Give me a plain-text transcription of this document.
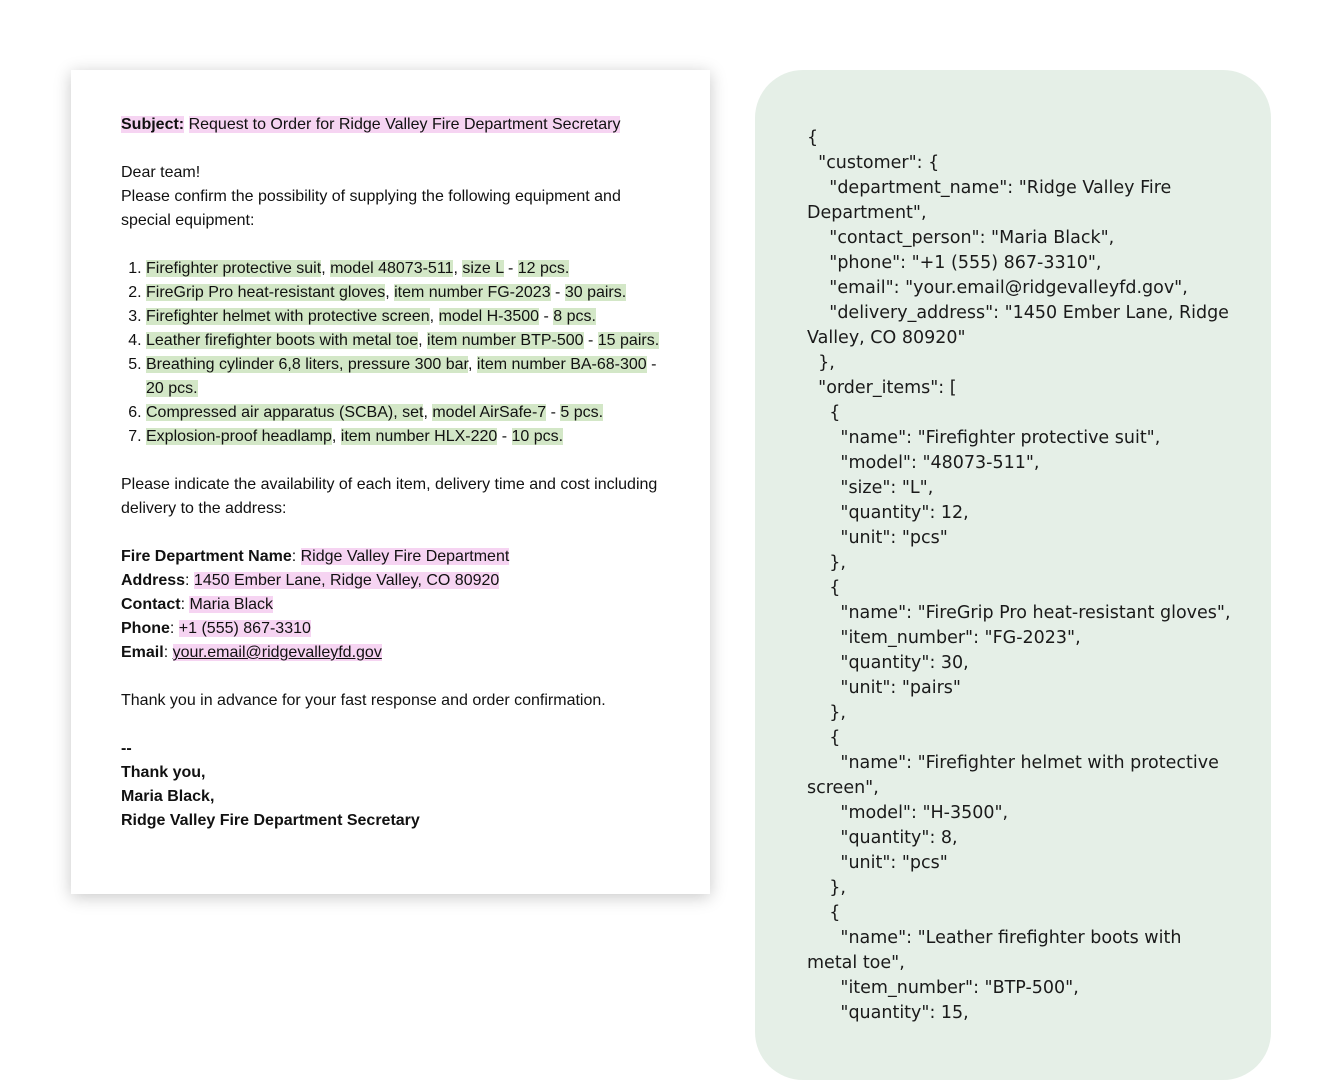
Subject: Request to Order for Ridge Valley Fire Department Secretary

Dear team!

Please confirm the possibility of supplying the following equipment and special equipment:

1. Firefighter protective suit, model 48073-511, size L - 12 pcs.
2. FireGrip Pro heat-resistant gloves, item number FG-2023 - 30 pairs.
3. Firefighter helmet with protective screen, model H-3500 - 8 pcs.
4. Leather firefighter boots with metal toe, item number BTP-500 - 15 pairs.
5. Breathing cylinder 6,8 liters, pressure 300 bar, item number BA-68-300 - 20 pcs.
6. Compressed air apparatus (SCBA), set, model AirSafe-7 - 5 pcs.
7. Explosion-proof headlamp, item number HLX-220 - 10 pcs.

Please indicate the availability of each item, delivery time and cost including delivery to the address:

Fire Department Name: Ridge Valley Fire Department

Address: 1450 Ember Lane, Ridge Valley, CO 80920

Contact: Maria Black

Phone: +1 (555) 867-3310

Email: your.email@ridgevalleyfd.gov

Thank you in advance for your fast response and order confirmation.

--

Thank you,

Maria Black,

Ridge Valley Fire Department Secretary

{
"customer": {
"department_name": "Ridge Valley Fire Department",
"contact_person": "Maria Black",
"phone": "+1 (555) 867-3310",
"email": "your.email@ridgevalleyfd.gov",
"delivery_address": "1450 Ember Lane, Ridge Valley, CO 80920"
},
"order_items": [
{
"name": "Firefighter protective suit",
"model": "48073-511",
"size": "L",
"quantity": 12,
"unit": "pcs"
},
{
"name": "FireGrip Pro heat-resistant gloves",
"item_number": "FG-2023",
"quantity": 30,
"unit": "pairs"
},
{
"name": "Firefighter helmet with protective screen",
"model": "H-3500",
"quantity": 8,
"unit": "pcs"
},
{
"name": "Leather firefighter boots with metal toe",
"item_number": "BTP-500",
"quantity": 15,
